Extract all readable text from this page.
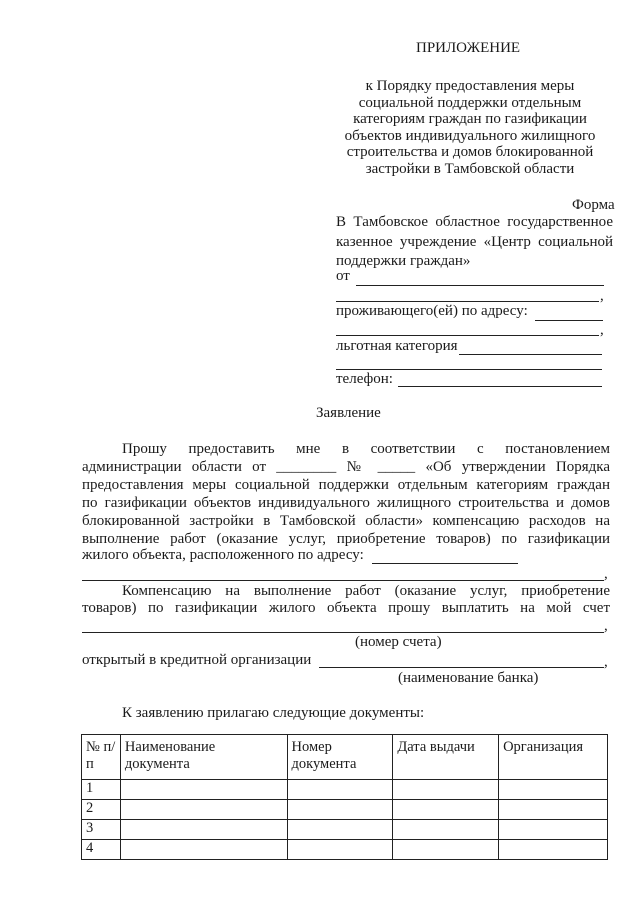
ПРИЛОЖЕНИЕ
к Порядку предоставления меры
социальной поддержки отдельным
категориям граждан по газификации
объектов индивидуального жилищного
строительства и домов блокированной
застройки в Тамбовской области
Форма
В Тамбовское областное государственное
казенное учреждение «Центр социальной
поддержки граждан»
от
,
проживающего(ей) по адресу:
,
льготная категория
телефон:
Заявление
Прошу предоставить мне в соответствии с постановлением
администрации области от ________ № _____ «Об утверждении Порядка
предоставления меры социальной поддержки отдельным категориям граждан
по газификации объектов индивидуального жилищного строительства и домов
блокированной застройки в Тамбовской области» компенсацию расходов на
выполнение работ (оказание услуг, приобретение товаров) по газификации
жилого объекта, расположенного по адресу:
,
Компенсацию на выполнение работ (оказание услуг, приобретение
товаров) по газификации жилого объекта прошу выплатить на мой счет
,
(номер счета)
открытый в кредитной организации	,
(наименование банка)
К заявлению прилагаю следующие документы:
№ п/п	Наименование документа	Номер документа	Дата выдачи	Организация
1				
2				
3				
4				
